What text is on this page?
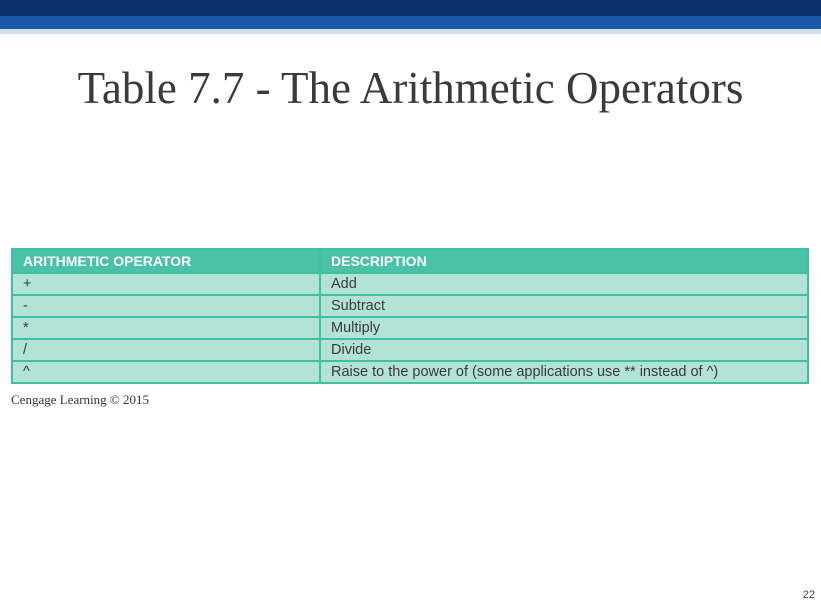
Table 7.7 - The Arithmetic Operators
ARITHMETIC OPERATOR	DESCRIPTION
+	Add
-	Subtract
*	Multiply
/	Divide
^	Raise to the power of (some applications use ** instead of ^)
Cengage Learning © 2015
22
